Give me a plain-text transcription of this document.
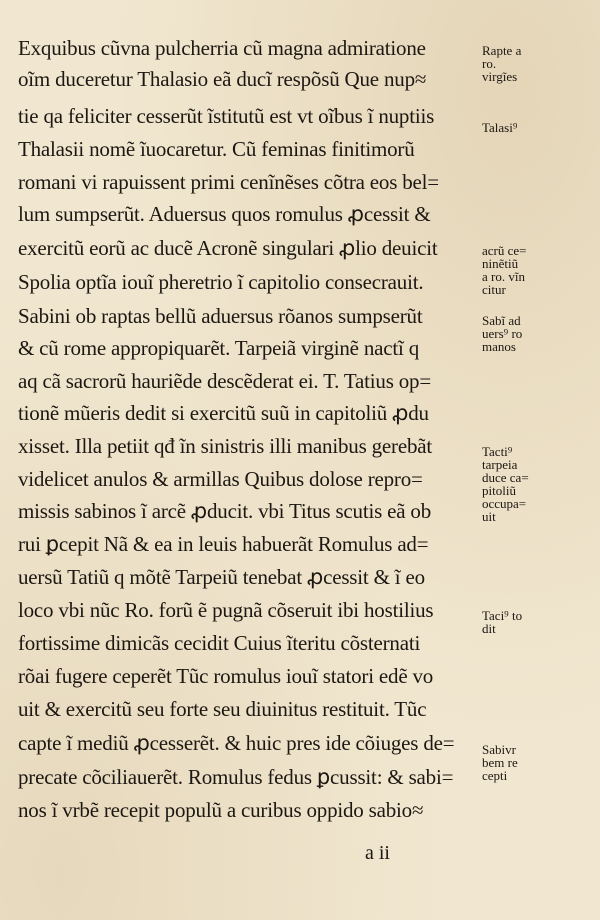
Exquibus cũvna pulcherria cũ magna admiratione
oĩm duceretur Thalasio eã ducĩ respõsũ Que nup≈
tie qa feliciter cesserũt ĩstitutũ est vt oĩbus ĩ nuptiis
Thalasii nomẽ ĩuocaretur. Cũ feminas finitimorũ
romani vi rapuissent primi cenĩnẽses cõtra eos bel=
lum sumpserũt. Aduersus quos romulus ꝓcessit &
exercitũ eorũ ac ducẽ Acronẽ singulari ꝓlio deuicit
Spolia optĩa iouĩ pheretrio ĩ capitolio consecrauit.
Sabini ob raptas bellũ aduersus rõanos sumpserũt
& cũ rome appropiquarẽt. Tarpeiã virginẽ nactĩ q
aq cã sacrorũ hauriẽde descẽderat ei. T. Tatius op=
tionẽ mũeris dedit si exercitũ suũ in capitoliũ ꝓdu
xisset. Illa petiit qđ ĩn sinistris illi manibus gerebãt
videlicet anulos & armillas Quibus dolose repro=
missis sabinos ĩ arcẽ ꝓducit. vbi Titus scutis eã ob
rui ꝑcepit Nã & ea in leuis habuerãt Romulus ad=
uersũ Tatiũ q mõtẽ Tarpeiũ tenebat ꝓcessit & ĩ eo
loco vbi nũc Ro. forũ ẽ pugnã cõseruit ibi hostilius
fortissime dimicãs cecidit Cuius ĩteritu cõsternati
rõai fugere ceperẽt Tũc romulus iouĩ statori edẽ vo
uit & exercitũ seu forte seu diuinitus restituit. Tũc
capte ĩ mediũ ꝓcesserẽt. & huic pres ide cõiuges de=
precate cõciliauerẽt. Romulus fedus ꝑcussit: & sabi=
nos ĩ vrbẽ recepit populũ a curibus oppido sabio≈
Rapte a
ro.
virgĩes
Talasi⁹
acrũ ce=
ninẽtiũ
a ro. vĩn
citur
Sabĩ ad
uers⁹ ro
manos
Tacti⁹
tarpeia
duce ca=
pitoliũ
occupa=
uit
Taci⁹ to
dit
Sabivr
bem re
cepti
a ii
